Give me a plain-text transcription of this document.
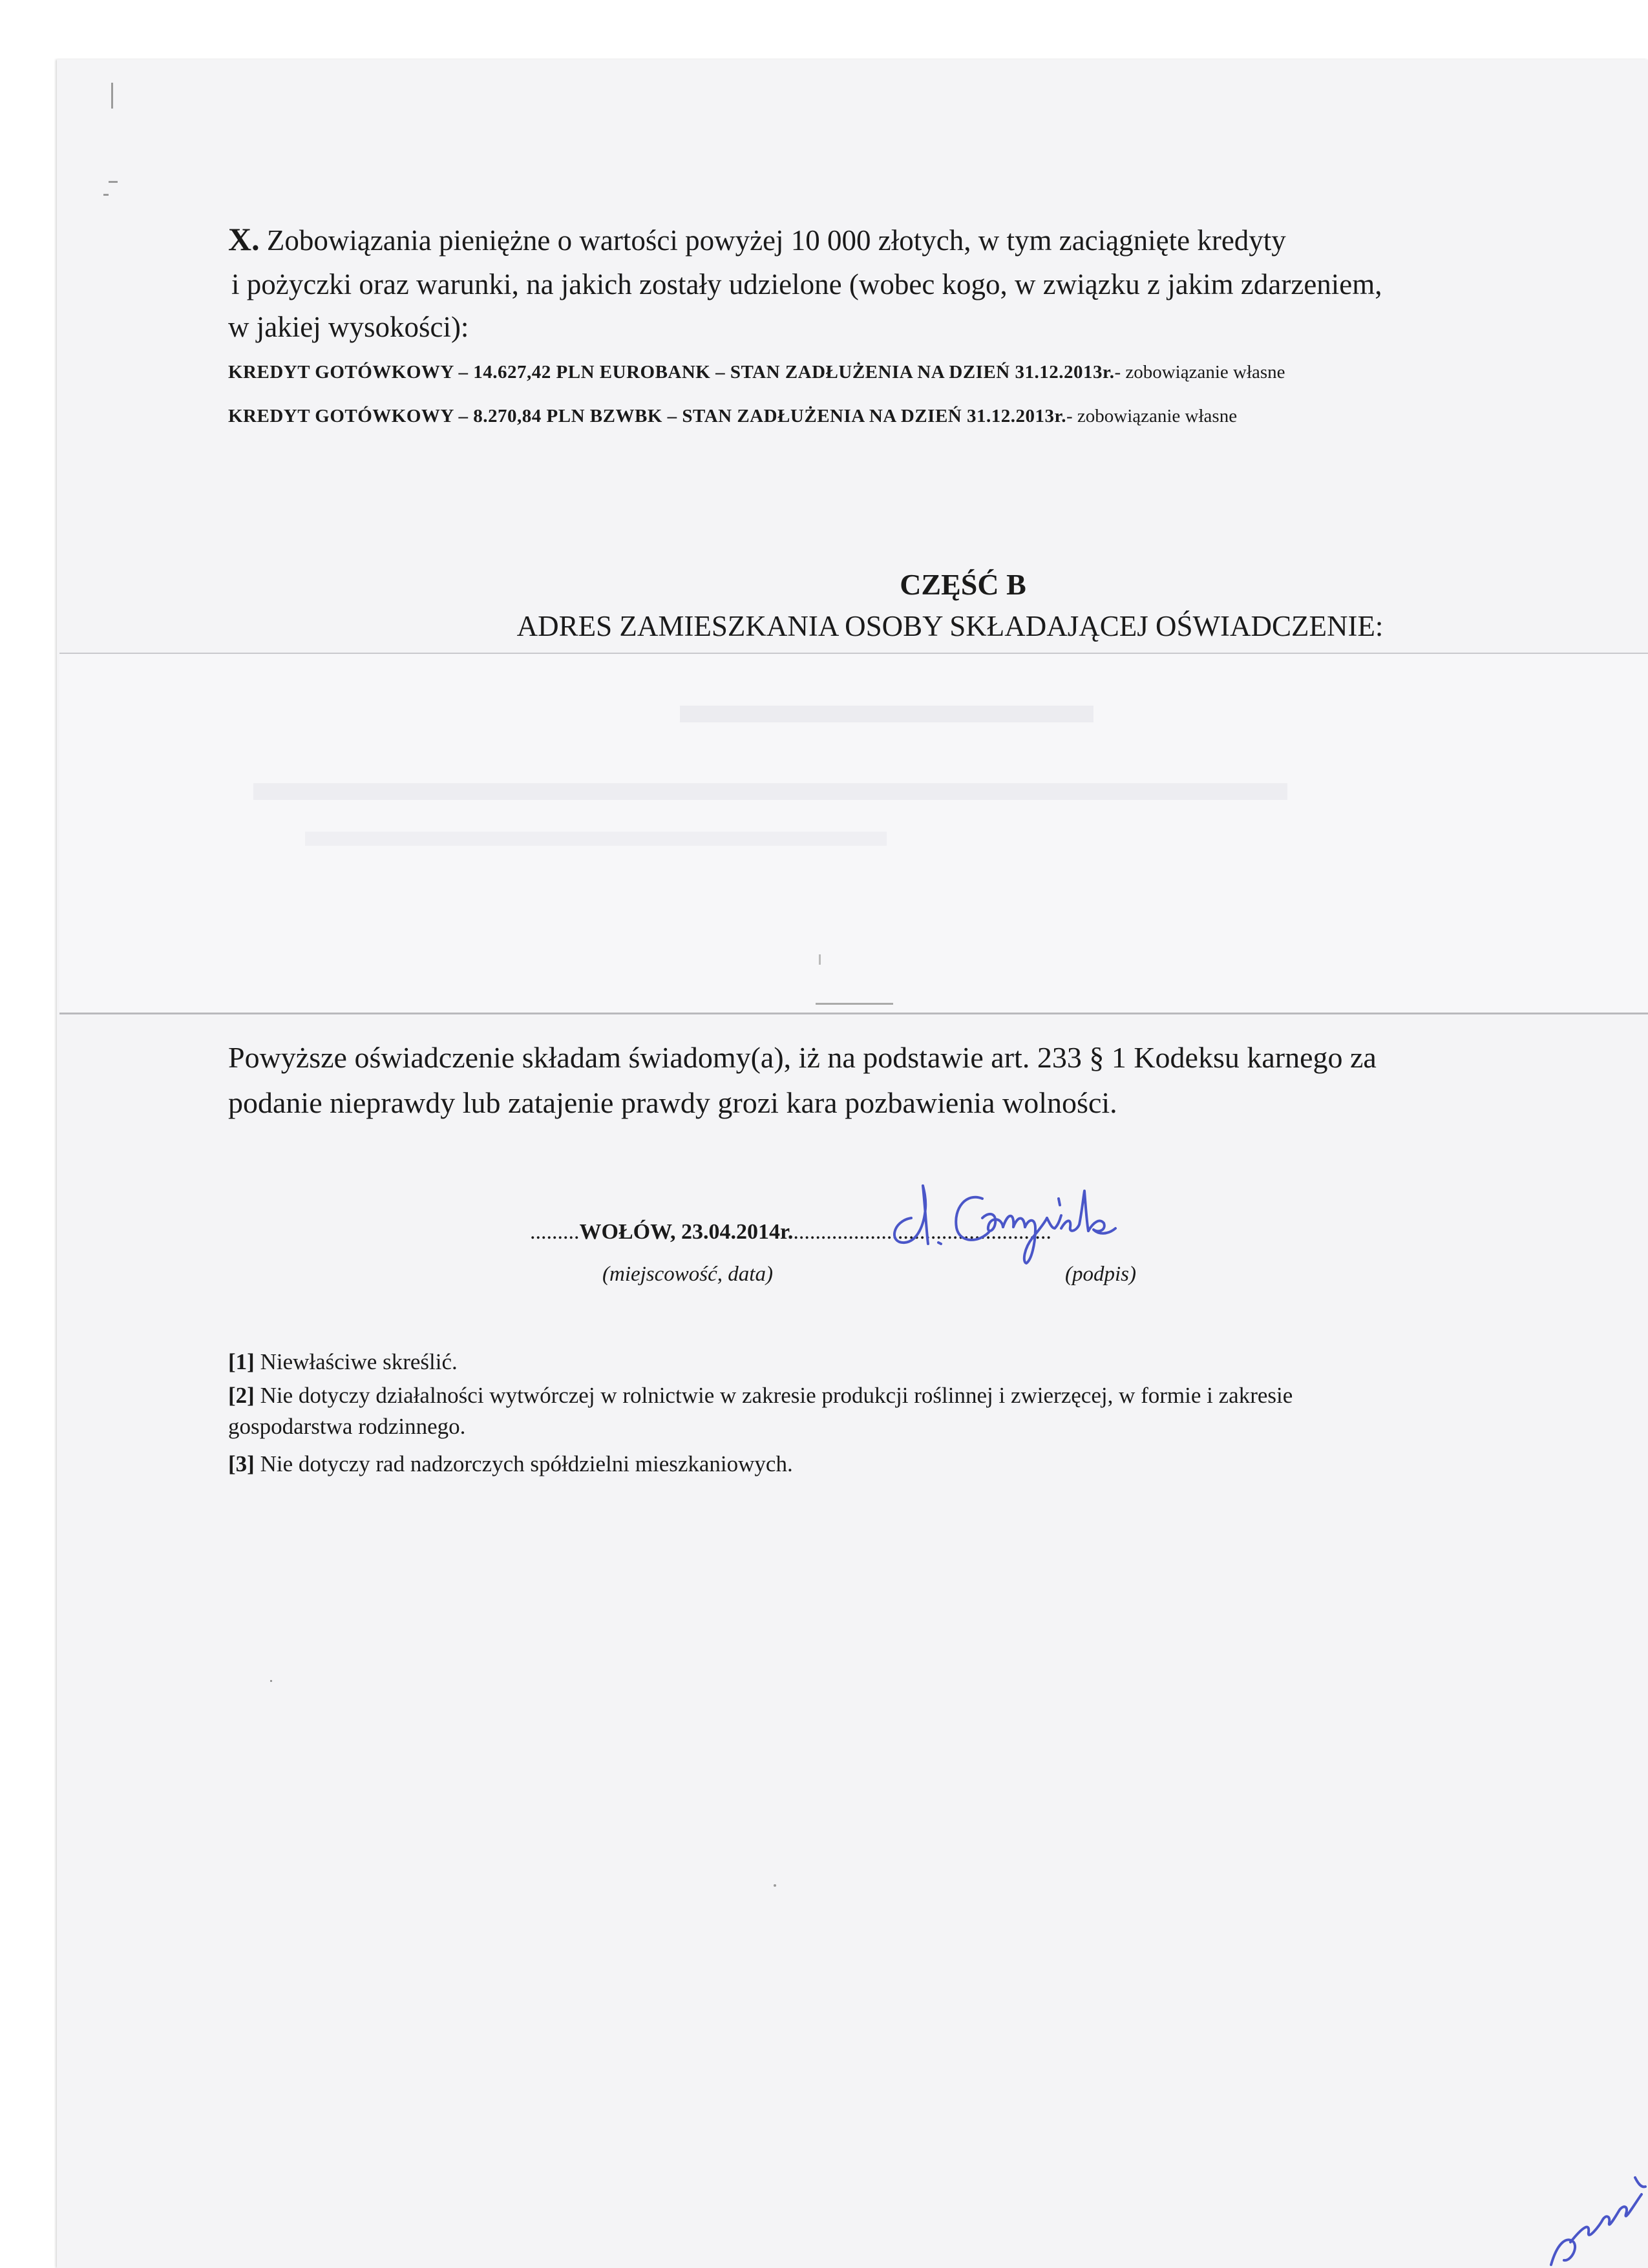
X. Zobowiązania pieniężne o wartości powyżej 10 000 złotych, w tym zaciągnięte kredyty
i pożyczki oraz warunki, na jakich zostały udzielone (wobec kogo, w związku z jakim zdarzeniem,
w jakiej wysokości):
KREDYT GOTÓWKOWY – 14.627,42 PLN EUROBANK – STAN ZADŁUŻENIA NA DZIEŃ 31.12.2013r.- zobowiązanie własne
KREDYT GOTÓWKOWY – 8.270,84 PLN BZWBK – STAN ZADŁUŻENIA NA DZIEŃ 31.12.2013r.- zobowiązanie własne
CZĘŚĆ B
ADRES ZAMIESZKANIA OSOBY SKŁADAJĄCEJ OŚWIADCZENIE:
Powyższe oświadczenie składam świadomy(a), iż na podstawie art. 233 § 1 Kodeksu karnego za
podanie nieprawdy lub zatajenie prawdy grozi kara pozbawienia wolności.
.........WOŁÓW, 23.04.2014r................................................
(miejscowość, data)	(podpis)
[1] Niewłaściwe skreślić.
[2] Nie dotyczy działalności wytwórczej w rolnictwie w zakresie produkcji roślinnej i zwierzęcej, w formie i zakresie
gospodarstwa rodzinnego.
[3] Nie dotyczy rad nadzorczych spółdzielni mieszkaniowych.
